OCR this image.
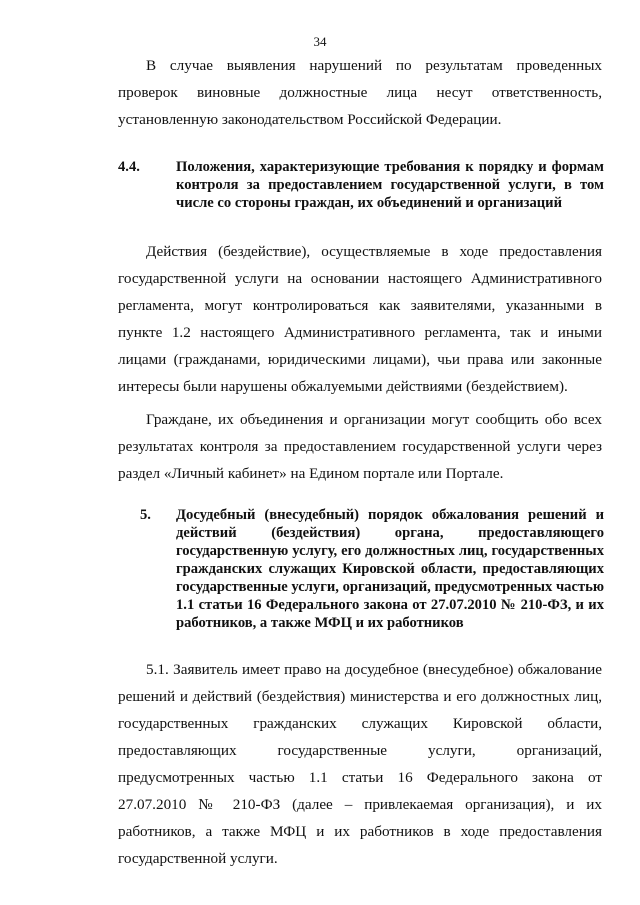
34

В случае выявления нарушений по результатам проведенных проверок виновные должностные лица несут ответственность, установленную законодательством Российской Федерации.

4.4. Положения, характеризующие требования к порядку и формам контроля за предоставлением государственной услуги, в том числе со стороны граждан, их объединений и организаций

Действия (бездействие), осуществляемые в ходе предоставления государственной услуги на основании настоящего Административного регламента, могут контролироваться как заявителями, указанными в пункте 1.2 настоящего Административного регламента, так и иными лицами (гражданами, юридическими лицами), чьи права или законные интересы были нарушены обжалуемыми действиями (бездействием).

Граждане, их объединения и организации могут сообщить обо всех результатах контроля за предоставлением государственной услуги через раздел «Личный кабинет» на Едином портале или Портале.

5. Досудебный (внесудебный) порядок обжалования решений и действий (бездействия) органа, предоставляющего государственную услугу, его должностных лиц, государственных гражданских служащих Кировской области, предоставляющих государственные услуги, организаций, предусмотренных частью 1.1 статьи 16 Федерального закона от 27.07.2010 № 210-ФЗ, и их работников, а также МФЦ и их работников

5.1. Заявитель имеет право на досудебное (внесудебное) обжалование решений и действий (бездействия) министерства и его должностных лиц, государственных гражданских служащих Кировской области, предоставляющих государственные услуги, организаций, предусмотренных частью 1.1 статьи 16 Федерального закона от 27.07.2010 № 210-ФЗ (далее – привлекаемая организация), и их работников, а также МФЦ и их работников в ходе предоставления государственной услуги.
